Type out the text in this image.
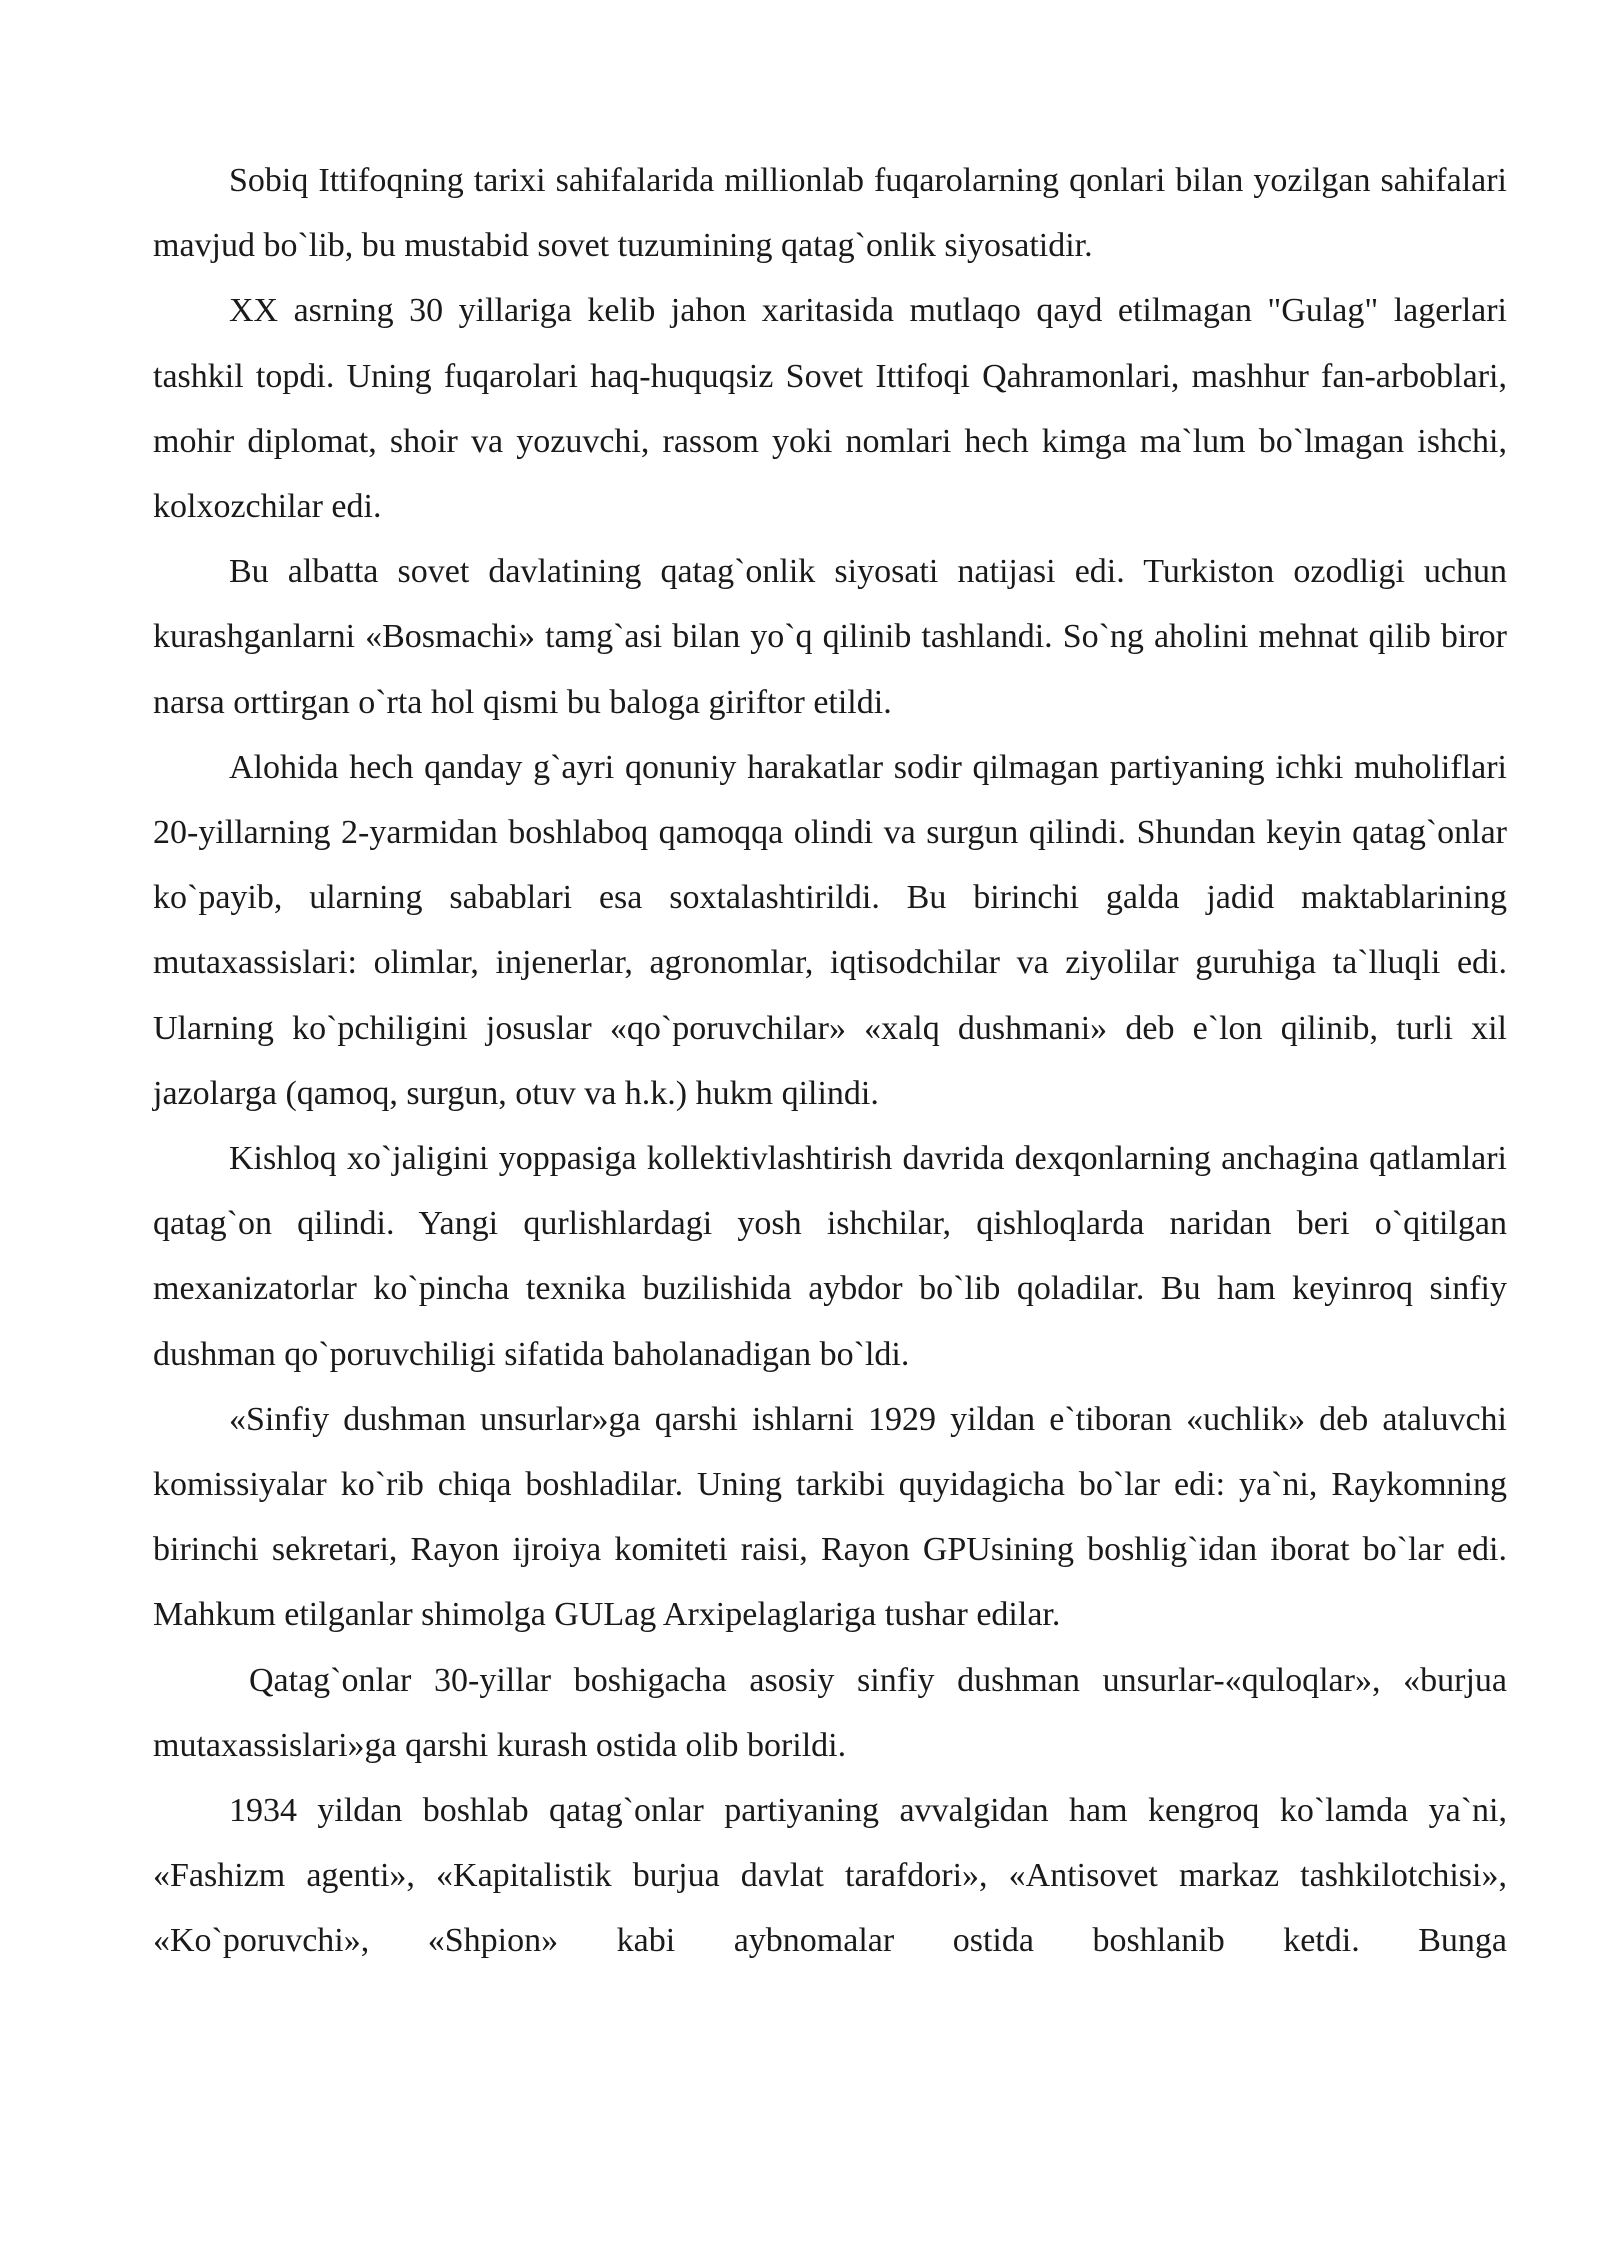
Sobiq Ittifoqning tarixi sahifalarida millionlab fuqarolarning qonlari bilan yozilgan sahifalari mavjud bo`lib, bu mustabid sovet tuzumining qatag`onlik siyosatidir.

XX asrning 30 yillariga kelib jahon xaritasida mutlaqo qayd etilmagan "Gulag" lagerlari tashkil topdi. Uning fuqarolari haq-huquqsiz Sovet Ittifoqi Qahramonlari, mashhur fan-arboblari, mohir diplomat, shoir va yozuvchi, rassom yoki nomlari hech kimga ma`lum bo`lmagan ishchi, kolxozchilar edi.

Bu albatta sovet davlatining qatag`onlik siyosati natijasi edi. Turkiston ozodligi uchun kurashganlarni «Bosmachi» tamg`asi bilan yo`q qilinib tashlandi. So`ng aholini mehnat qilib biror narsa orttirgan o`rta hol qismi bu baloga giriftor etildi.

Alohida hech qanday g`ayri qonuniy harakatlar sodir qilmagan partiyaning ichki muholiflari 20-yillarning 2-yarmidan boshlaboq qamoqqa olindi va surgun qilindi. Shundan keyin qatag`onlar ko`payib, ularning sabablari esa soxtalashtirildi. Bu birinchi galda jadid maktablarining mutaxassislari: olimlar, injenerlar, agronomlar, iqtisodchilar va ziyolilar guruhiga ta`lluqli edi. Ularning ko`pchiligini josuslar «qo`poruvchilar» «xalq dushmani» deb e`lon qilinib, turli xil jazolarga (qamoq, surgun, otuv va h.k.) hukm qilindi.

Kishloq xo`jaligini yoppasiga kollektivlashtirish davrida dexqonlarning anchagina qatlamlari qatag`on qilindi. Yangi qurlishlardagi yosh ishchilar, qishloqlarda naridan beri o`qitilgan mexanizatorlar ko`pincha texnika buzilishida aybdor bo`lib qoladilar. Bu ham keyinroq sinfiy dushman qo`poruvchiligi sifatida baholanadigan bo`ldi.

«Sinfiy dushman unsurlar»ga qarshi ishlarni 1929 yildan e`tiboran «uchlik» deb ataluvchi komissiyalar ko`rib chiqa boshladilar. Uning tarkibi quyidagicha bo`lar edi: ya`ni, Raykomning birinchi sekretari, Rayon ijroiya komiteti raisi, Rayon GPUsining boshlig`idan iborat bo`lar edi. Mahkum etilganlar shimolga GULag Arxipelaglariga tushar edilar.

Qatag`onlar 30-yillar boshigacha asosiy sinfiy dushman unsurlar-«quloqlar», «burjua mutaxassislari»ga qarshi kurash ostida olib borildi.

1934 yildan boshlab qatag`onlar partiyaning avvalgidan ham kengroq ko`lamda ya`ni, «Fashizm agenti», «Kapitalistik burjua davlat tarafdori», «Antisovet markaz tashkilotchisi», «Ko`poruvchi», «Shpion» kabi aybnomalar ostida boshlanib ketdi. Bunga
